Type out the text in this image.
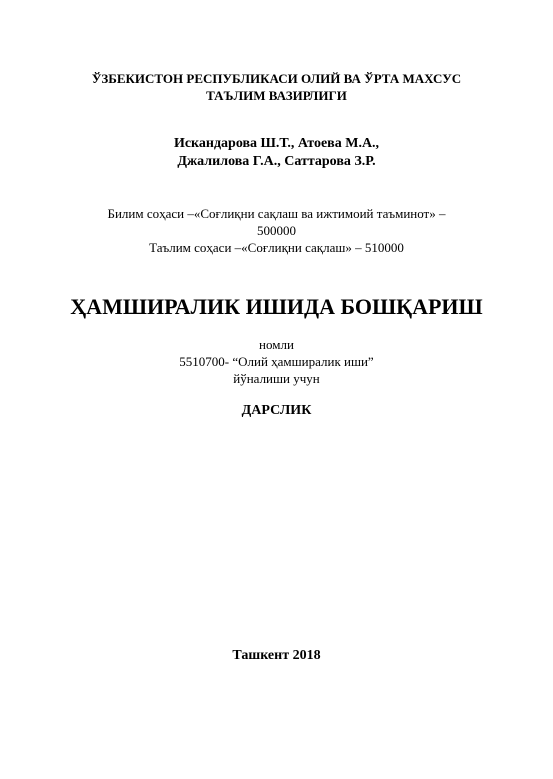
ЎЗБЕКИСТОН РЕСПУБЛИКАСИ ОЛИЙ ВА ЎРТА МАХСУС
ТАЪЛИМ ВАЗИРЛИГИ
Искандарова Ш.Т., Атоева М.А.,
Джалилова Г.А., Саттарова З.Р.
Билим соҳаси –«Соғлиқни сақлаш ва ижтимоий таъминот» –
500000
Таълим соҳаси –«Соғлиқни сақлаш» – 510000
ҲАМШИРАЛИК ИШИДА БОШҚАРИШ
номли
5510700- “Олий ҳамширалик иши”
йўналиши учун
ДАРСЛИК
Ташкент 2018
